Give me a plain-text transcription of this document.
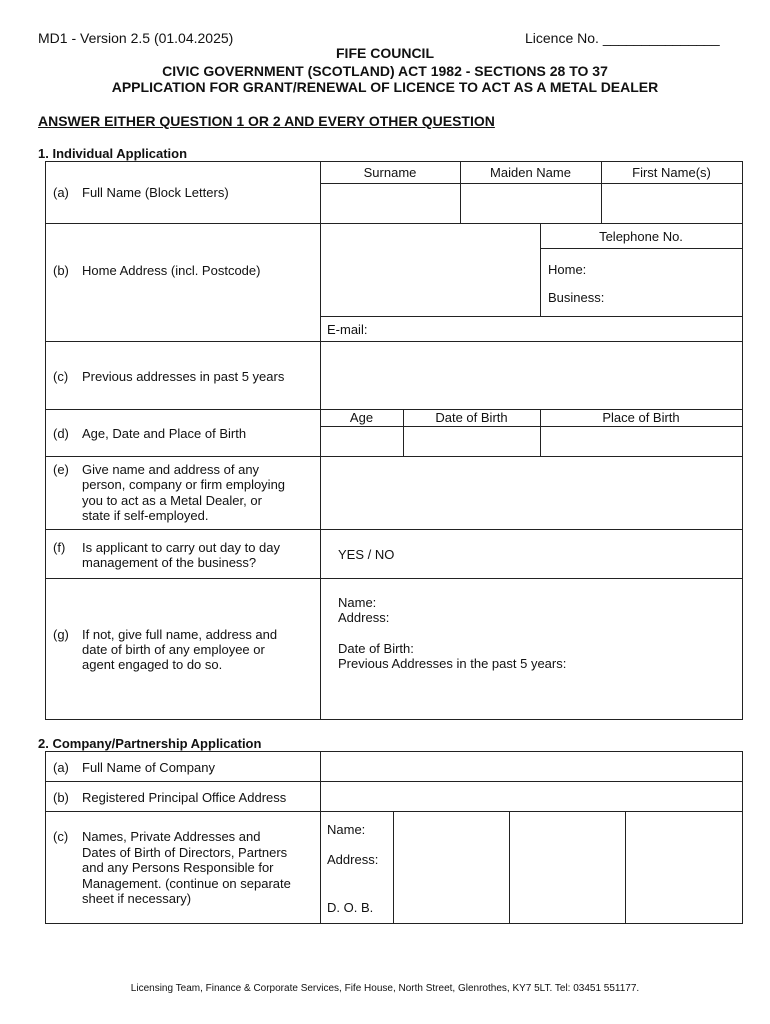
MD1 - Version 2.5 (01.04.2025)	Licence No. _______________
FIFE COUNCIL
CIVIC GOVERNMENT (SCOTLAND) ACT 1982 - SECTIONS 28 TO 37
APPLICATION FOR GRANT/RENEWAL OF LICENCE TO ACT AS A METAL DEALER
ANSWER EITHER QUESTION 1 OR 2 AND EVERY OTHER QUESTION
1. Individual Application
(a) Full Name (Block Letters)
Surname	Maiden Name	First Name(s)
(b) Home Address (incl. Postcode)
Telephone No.
Home:
Business:
E-mail:
(c) Previous addresses in past 5 years
(d) Age, Date and Place of Birth
Age	Date of Birth	Place of Birth
(e) Give name and address of any
person, company or firm employing
you to act as a Metal Dealer, or
state if self-employed.
(f) Is applicant to carry out day to day
management of the business?
YES / NO
(g) If not, give full name, address and
date of birth of any employee or
agent engaged to do so.
Name:
Address:
Date of Birth:
Previous Addresses in the past 5 years:
2. Company/Partnership Application
(a) Full Name of Company
(b) Registered Principal Office Address
(c) Names, Private Addresses and
Dates of Birth of Directors, Partners
and any Persons Responsible for
Management. (continue on separate
sheet if necessary)
Name:
Address:
D. O. B.
Licensing Team, Finance & Corporate Services, Fife House, North Street, Glenrothes, KY7 5LT. Tel: 03451 551177.
